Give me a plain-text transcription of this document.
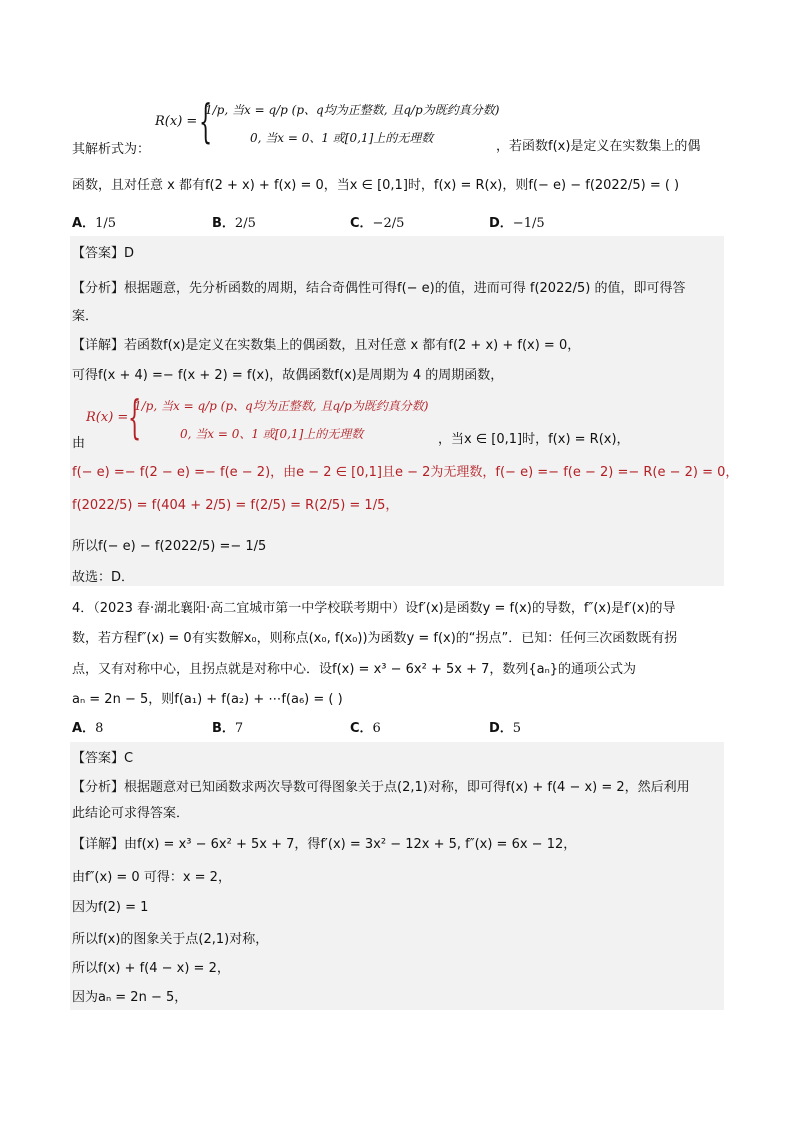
R(x) = {
1/p, 当x = q/p (p、q均为正整数, 且q/p为既约真分数)
0, 当x = 0、1 或[0,1]上的无理数
其解析式为：	，若函数f(x)是定义在实数集上的偶
函数，且对任意 x 都有f(2 + x) + f(x) = 0，当x ∈ [0,1]时，f(x) = R(x)，则f(− e) − f(2022/5) = ( )
A．1/5	B．2/5	C．−2/5	D．−1/5
【答案】D
【分析】根据题意，先分析函数的周期，结合奇偶性可得f(− e)的值，进而可得 f(2022/5) 的值，即可得答
案．
【详解】若函数f(x)是定义在实数集上的偶函数，且对任意 x 都有f(2 + x) + f(x) = 0，
可得f(x + 4) =− f(x + 2) = f(x)，故偶函数f(x)是周期为 4 的周期函数，
R(x) = {
1/p, 当x = q/p (p、q均为正整数, 且q/p为既约真分数)
0, 当x = 0、1 或[0,1]上的无理数
由	，当x ∈ [0,1]时，f(x) = R(x)，
f(− e) =− f(2 − e) =− f(e − 2)，由e − 2 ∈ [0,1]且e − 2为无理数，f(− e) =− f(e − 2) =− R(e − 2) = 0，
f(2022/5) = f(404 + 2/5) = f(2/5) = R(2/5) = 1/5，
所以f(− e) − f(2022/5) =− 1/5
故选：D．
4．（2023 春·湖北襄阳·高二宜城市第一中学校联考期中）设f′(x)是函数y = f(x)的导数，f″(x)是f′(x)的导
数，若方程f″(x) = 0有实数解x₀，则称点(x₀, f(x₀))为函数y = f(x)的“拐点”．已知：任何三次函数既有拐
点，又有对称中心，且拐点就是对称中心．设f(x) = x³ − 6x² + 5x + 7，数列{aₙ}的通项公式为
aₙ = 2n − 5，则f(a₁) + f(a₂) + ⋯f(a₆) = ( )
A．8	B．7	C．6	D．5
【答案】C
【分析】根据题意对已知函数求两次导数可得图象关于点(2,1)对称，即可得f(x) + f(4 − x) = 2，然后利用
此结论可求得答案．
【详解】由f(x) = x³ − 6x² + 5x + 7，得f′(x) = 3x² − 12x + 5, f″(x) = 6x − 12，
由f″(x) = 0 可得：x = 2，
因为f(2) = 1
所以f(x)的图象关于点(2,1)对称，
所以f(x) + f(4 − x) = 2，
因为aₙ = 2n − 5，
